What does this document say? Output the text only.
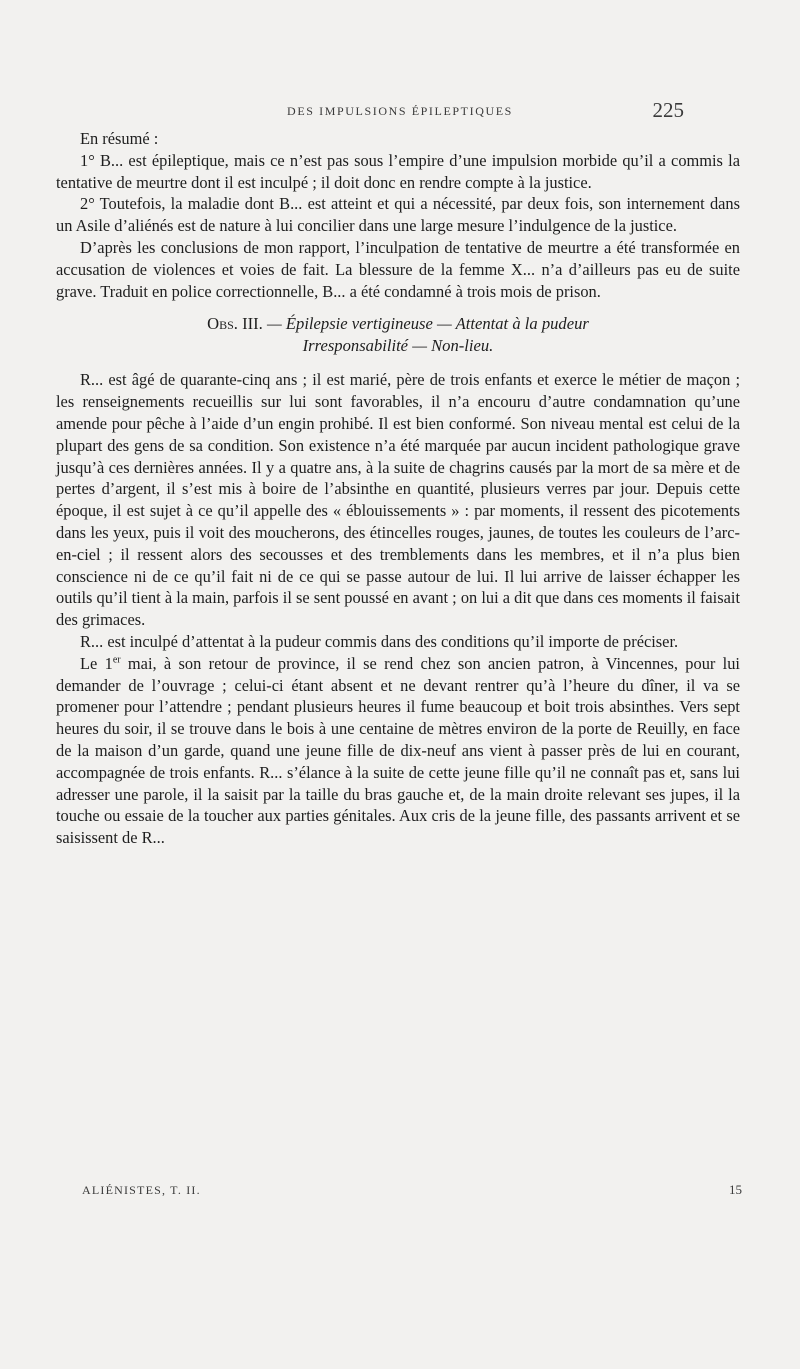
DES IMPULSIONS ÉPILEPTIQUES	225

En résumé :

1° B... est épileptique, mais ce n’est pas sous l’empire d’une impulsion morbide qu’il a commis la tentative de meurtre dont il est inculpé ; il doit donc en rendre compte à la justice.

2° Toutefois, la maladie dont B... est atteint et qui a nécessité, par deux fois, son internement dans un Asile d’aliénés est de nature à lui concilier dans une large mesure l’indulgence de la justice.

D’après les conclusions de mon rapport, l’inculpation de tentative de meurtre a été transformée en accusation de violences et voies de fait. La blessure de la femme X... n’a d’ailleurs pas eu de suite grave. Traduit en police correctionnelle, B... a été condamné à trois mois de prison.

Obs. III. — Épilepsie vertigineuse — Attentat à la pudeur
Irresponsabilité — Non-lieu.

R... est âgé de quarante-cinq ans ; il est marié, père de trois enfants et exerce le métier de maçon ; les renseignements recueillis sur lui sont favorables, il n’a encouru d’autre condamnation qu’une amende pour pêche à l’aide d’un engin prohibé. Il est bien conformé. Son niveau mental est celui de la plupart des gens de sa condition. Son existence n’a été marquée par aucun incident pathologique grave jusqu’à ces dernières années. Il y a quatre ans, à la suite de chagrins causés par la mort de sa mère et de pertes d’argent, il s’est mis à boire de l’absinthe en quantité, plusieurs verres par jour. Depuis cette époque, il est sujet à ce qu’il appelle des « éblouissements » : par moments, il ressent des picotements dans les yeux, puis il voit des moucherons, des étincelles rouges, jaunes, de toutes les couleurs de l’arc-en-ciel ; il ressent alors des secousses et des tremblements dans les membres, et il n’a plus bien conscience ni de ce qu’il fait ni de ce qui se passe autour de lui. Il lui arrive de laisser échapper les outils qu’il tient à la main, parfois il se sent poussé en avant ; on lui a dit que dans ces moments il faisait des grimaces.

R... est inculpé d’attentat à la pudeur commis dans des conditions qu’il importe de préciser.

Le 1er mai, à son retour de province, il se rend chez son ancien patron, à Vincennes, pour lui demander de l’ouvrage ; celui-ci étant absent et ne devant rentrer qu’à l’heure du dîner, il va se promener pour l’attendre ; pendant plusieurs heures il fume beaucoup et boit trois absinthes. Vers sept heures du soir, il se trouve dans le bois à une centaine de mètres environ de la porte de Reuilly, en face de la maison d’un garde, quand une jeune fille de dix-neuf ans vient à passer près de lui en courant, accompagnée de trois enfants. R... s’élance à la suite de cette jeune fille qu’il ne connaît pas et, sans lui adresser une parole, il la saisit par la taille du bras gauche et, de la main droite relevant ses jupes, il la touche ou essaie de la toucher aux parties génitales. Aux cris de la jeune fille, des passants arrivent et se saisissent de R...

ALIÉNISTES, T. II.	15
